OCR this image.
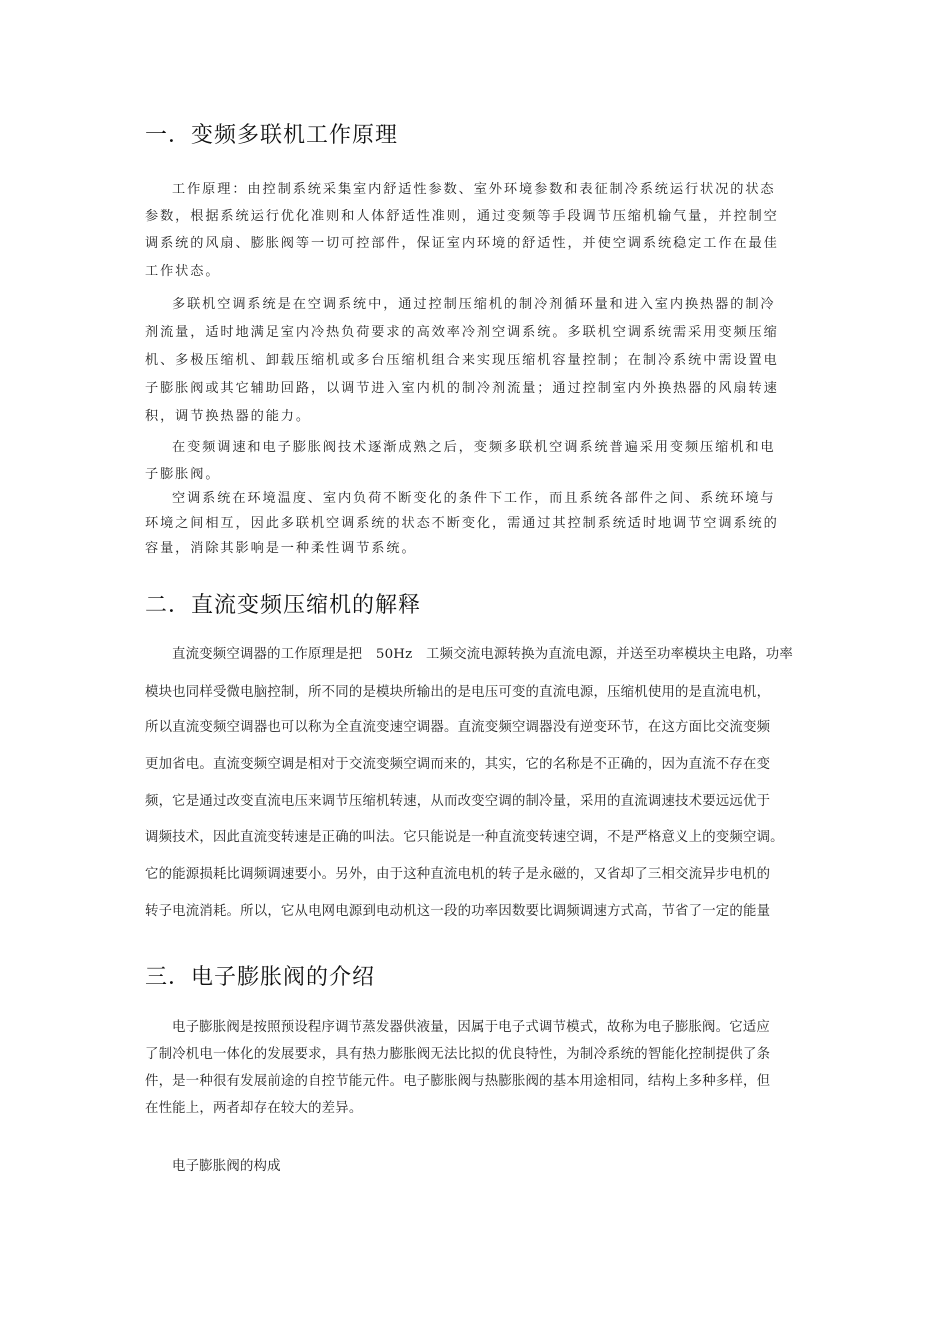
一．变频多联机工作原理
工作原理：由控制系统采集室内舒适性参数、室外环境参数和表征制冷系统运行状况的状态
参数，根据系统运行优化准则和人体舒适性准则，通过变频等手段调节压缩机输气量，并控制空
调系统的风扇、膨胀阀等一切可控部件，保证室内环境的舒适性，并使空调系统稳定工作在最佳
工作状态。
多联机空调系统是在空调系统中，通过控制压缩机的制冷剂循环量和进入室内换热器的制冷
剂流量，适时地满足室内冷热负荷要求的高效率冷剂空调系统。多联机空调系统需采用变频压缩
机、多极压缩机、卸载压缩机或多台压缩机组合来实现压缩机容量控制；在制冷系统中需设置电
子膨胀阀或其它辅助回路，以调节进入室内机的制冷剂流量；通过控制室内外换热器的风扇转速
积，调节换热器的能力。
在变频调速和电子膨胀阀技术逐渐成熟之后，变频多联机空调系统普遍采用变频压缩机和电
子膨胀阀。
空调系统在环境温度、室内负荷不断变化的条件下工作，而且系统各部件之间、系统环境与
环境之间相互，因此多联机空调系统的状态不断变化，需通过其控制系统适时地调节空调系统的
容量，消除其影响是一种柔性调节系统。
二．直流变频压缩机的解释
直流变频空调器的工作原理是把　50Hz　工频交流电源转换为直流电源，并送至功率模块主电路，功率
模块也同样受微电脑控制，所不同的是模块所输出的是电压可变的直流电源，压缩机使用的是直流电机，
所以直流变频空调器也可以称为全直流变速空调器。直流变频空调器没有逆变环节，在这方面比交流变频
更加省电。直流变频空调是相对于交流变频空调而来的，其实，它的名称是不正确的，因为直流不存在变
频，它是通过改变直流电压来调节压缩机转速，从而改变空调的制冷量，采用的直流调速技术要远远优于
调频技术，因此直流变转速是正确的叫法。它只能说是一种直流变转速空调，不是严格意义上的变频空调。
它的能源损耗比调频调速要小。另外，由于这种直流电机的转子是永磁的，又省却了三相交流异步电机的
转子电流消耗。所以，它从电网电源到电动机这一段的功率因数要比调频调速方式高，节省了一定的能量
三．电子膨胀阀的介绍
电子膨胀阀是按照预设程序调节蒸发器供液量，因属于电子式调节模式，故称为电子膨胀阀。它适应
了制冷机电一体化的发展要求，具有热力膨胀阀无法比拟的优良特性，为制冷系统的智能化控制提供了条
件，是一种很有发展前途的自控节能元件。电子膨胀阀与热膨胀阀的基本用途相同，结构上多种多样，但
在性能上，两者却存在较大的差异。
电子膨胀阀的构成
